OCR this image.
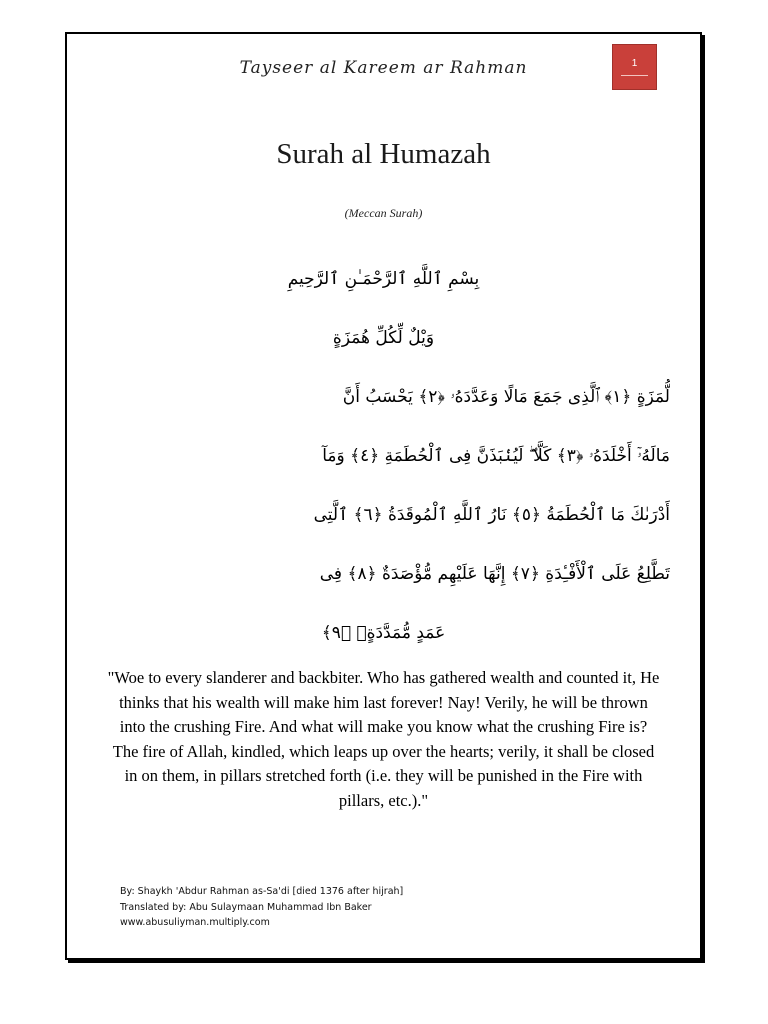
Tayseer al Kareem ar Rahman	1
Surah al Humazah
(Meccan Surah)
بِسْمِ ٱللَّهِ ٱلرَّحْمَـٰنِ ٱلرَّحِيمِ
وَيْلٌ لِّكُلِّ هُمَزَةٍ
لُّمَزَةٍ ﴿١﴾ ٱلَّذِى جَمَعَ مَالًا وَعَدَّدَهُۥ ﴿٢﴾ يَحْسَبُ أَنَّ
مَالَهُۥٓ أَخْلَدَهُۥ ﴿٣﴾ كَلَّا ۖ لَيُنۢبَذَنَّ فِى ٱلْحُطَمَةِ ﴿٤﴾ وَمَآ
أَدْرَىٰكَ مَا ٱلْحُطَمَةُ ﴿٥﴾ نَارُ ٱللَّهِ ٱلْمُوقَدَةُ ﴿٦﴾ ٱلَّتِى
تَطَّلِعُ عَلَى ٱلْأَفْـِٔدَةِ ﴿٧﴾ إِنَّهَا عَلَيْهِم مُّؤْصَدَةٌ ﴿٨﴾ فِى
عَمَدٍ مُّمَدَّدَةٍۭ ﴿٩﴾
"Woe to every slanderer and backbiter. Who has gathered wealth and counted it, He thinks that his wealth will make him last forever! Nay! Verily, he will be thrown into the crushing Fire. And what will make you know what the crushing Fire is? The fire of Allah, kindled, which leaps up over the hearts; verily, it shall be closed in on them, in pillars stretched forth (i.e. they will be punished in the Fire with pillars, etc.)."
By: Shaykh 'Abdur Rahman as-Sa'di [died 1376 after hijrah]
Translated by: Abu Sulaymaan Muhammad Ibn Baker
www.abusuliyman.multiply.com
